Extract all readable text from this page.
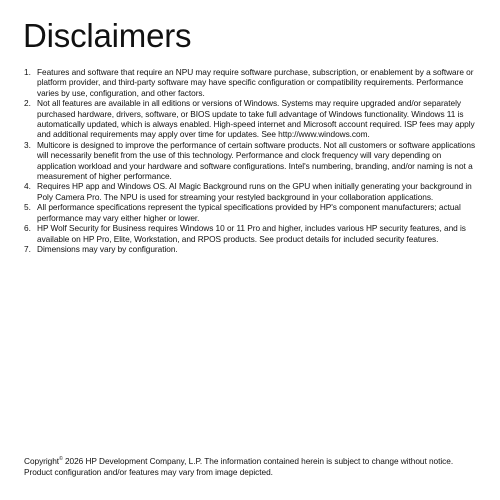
Disclaimers
1. Features and software that require an NPU may require software purchase, subscription, or enablement by a software or platform provider, and third-party software may have specific configuration or compatibility requirements. Performance varies by use, configuration, and other factors.
2. Not all features are available in all editions or versions of Windows. Systems may require upgraded and/or separately purchased hardware, drivers, software, or BIOS update to take full advantage of Windows functionality. Windows 11 is automatically updated, which is always enabled. High-speed internet and Microsoft account required. ISP fees may apply and additional requirements may apply over time for updates. See http://www.windows.com.
3. Multicore is designed to improve the performance of certain software products. Not all customers or software applications will necessarily benefit from the use of this technology. Performance and clock frequency will vary depending on application workload and your hardware and software configurations. Intel's numbering, branding, and/or naming is not a measurement of higher performance.
4. Requires HP app and Windows OS. AI Magic Background runs on the GPU when initially generating your background in Poly Camera Pro. The NPU is used for streaming your restyled background in your collaboration applications.
5. All performance specifications represent the typical specifications provided by HP's component manufacturers; actual performance may vary either higher or lower.
6. HP Wolf Security for Business requires Windows 10 or 11 Pro and higher, includes various HP security features, and is available on HP Pro, Elite, Workstation, and RPOS products. See product details for included security features.
7. Dimensions may vary by configuration.

Copyright© 2026 HP Development Company, L.P. The information contained herein is subject to change without notice. Product configuration and/or features may vary from image depicted.
